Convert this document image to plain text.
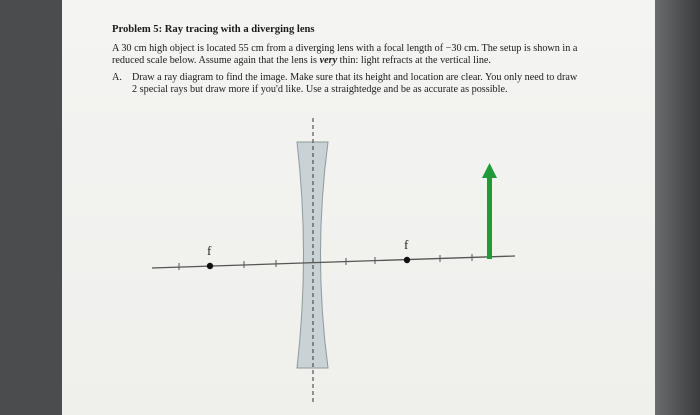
Problem 5: Ray tracing with a diverging lens

A 30 cm high object is located 55 cm from a diverging lens with a focal length of −30 cm. The setup is shown in a reduced scale below. Assume again that the lens is very thin: light refracts at the vertical line.

A. Draw a ray diagram to find the image. Make sure that its height and location are clear. You only need to draw 2 special rays but draw more if you'd like. Use a straightedge and be as accurate as possible.
f	f
